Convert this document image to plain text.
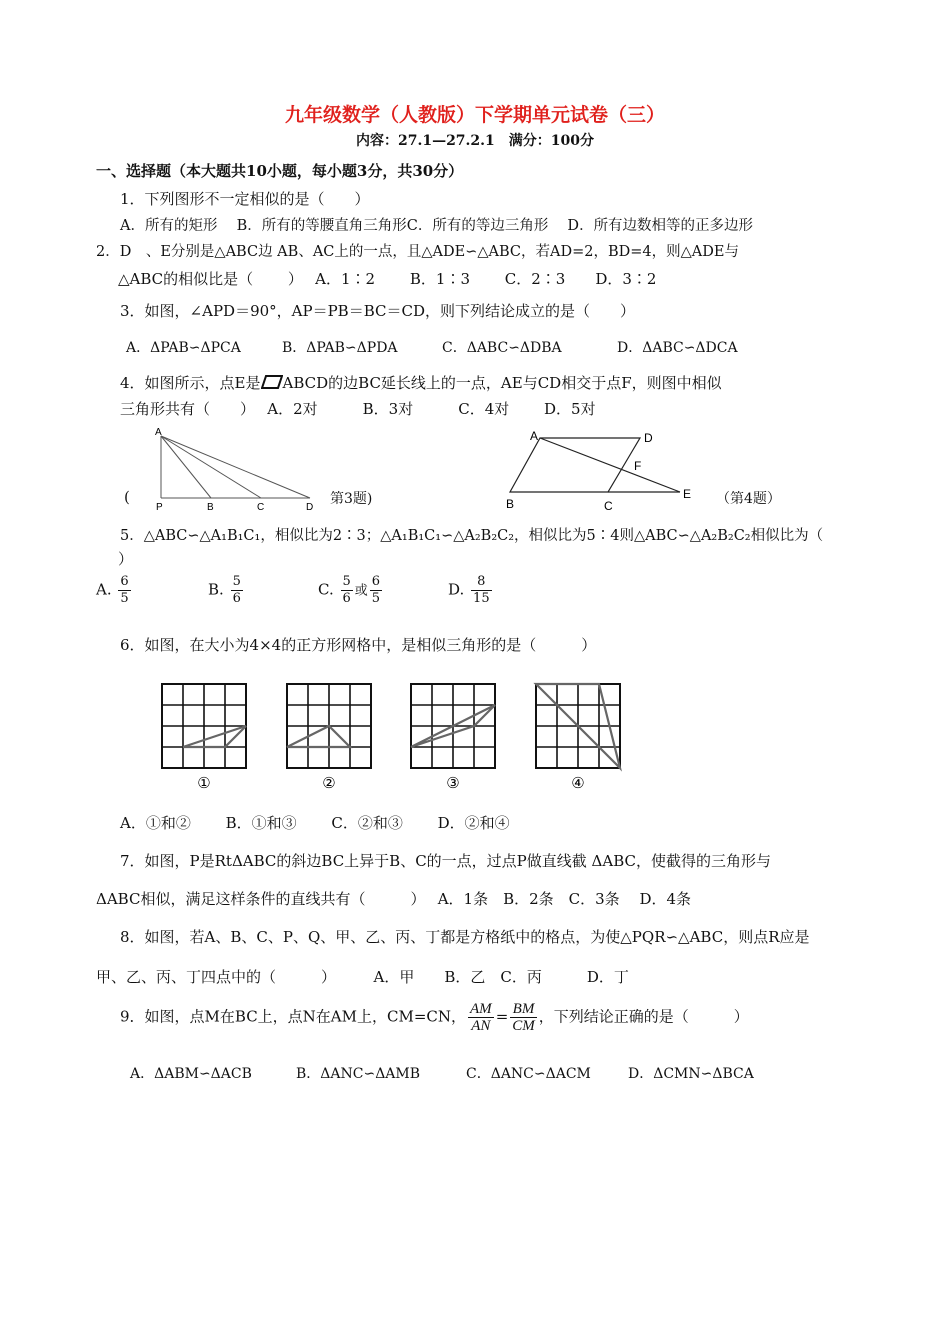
九年级数学（人教版）下学期单元试卷（三）
内容：27.1—27.2.1　满分：100分
一、选择题（本大题共10小题，每小题3分，共30分）
1．下列图形不一定相似的是（　　）
A．所有的矩形　 B．所有的等腰直角三角形C．所有的等边三角形　 D．所有边数相等的正多边形
2．D　、E分别是△ABC边 AB、AC上的一点，且△ADE∽△ABC，若AD=2，BD=4，则△ADE与
△ABC的相似比是（　　 ）　 A．1∶2　　 B．1∶3　　 C．2∶3　　D．3∶2
3．如图，∠APD＝90°，AP＝PB＝BC＝CD，则下列结论成立的是（　　）
A．ΔPAB∽ΔPCA	B．ΔPAB∽ΔPDA	C．ΔABC∽ΔDBA	D．ΔABC∽ΔDCA
4．如图所示，点E是 ABCD的边BC延长线上的一点，AE与CD相交于点F，则图中相似
三角形共有（　　）　 A．2对　　　B．3对　　　C．4对　　 D．5对
A
P	B	C	D
(	第3题)
A	D
F
B	C
E （第4题）
5．△ABC∽△A₁B₁C₁，相似比为2∶3；△A₁B₁C₁∽△A₂B₂C₂，相似比为5∶4则△ABC∽△A₂B₂C₂相似比为（
）
A. $\frac{6}{5}$	B. $\frac{5}{6}$	C. $\frac{5}{6}$ 或 $\frac{6}{5}$	D. $\frac{8}{15}$
6．如图，在大小为4×4的正方形网格中，是相似三角形的是（　　　）
①	②	③	④
A．①和②　　 B．①和③　　 C．②和③　　 D．②和④
7．如图，P是RtΔABC的斜边BC上异于B、C的一点，过点P做直线截 ΔABC，使截得的三角形与
ΔABC相似，满足这样条件的直线共有（　　　）　 A．1条　B．2条　C．3条　 D．4条
8．如图，若A、B、C、P、Q、甲、乙、丙、丁都是方格纸中的格点，为使△PQR∽△ABC，则点R应是
甲、乙、丙、丁四点中的（　　　）　　　A．甲　　B．乙　C．丙　　　D．丁
9．如图，点M在BC上，点N在AM上，CM=CN， $\frac{AM}{AN} = \frac{BM}{CM}$ ，下列结论正确的是（　　　）
A．ΔABM∽ΔACB	B．ΔANC∽ΔAMB	C．ΔANC∽ΔACM	D．ΔCMN∽ΔBCA
